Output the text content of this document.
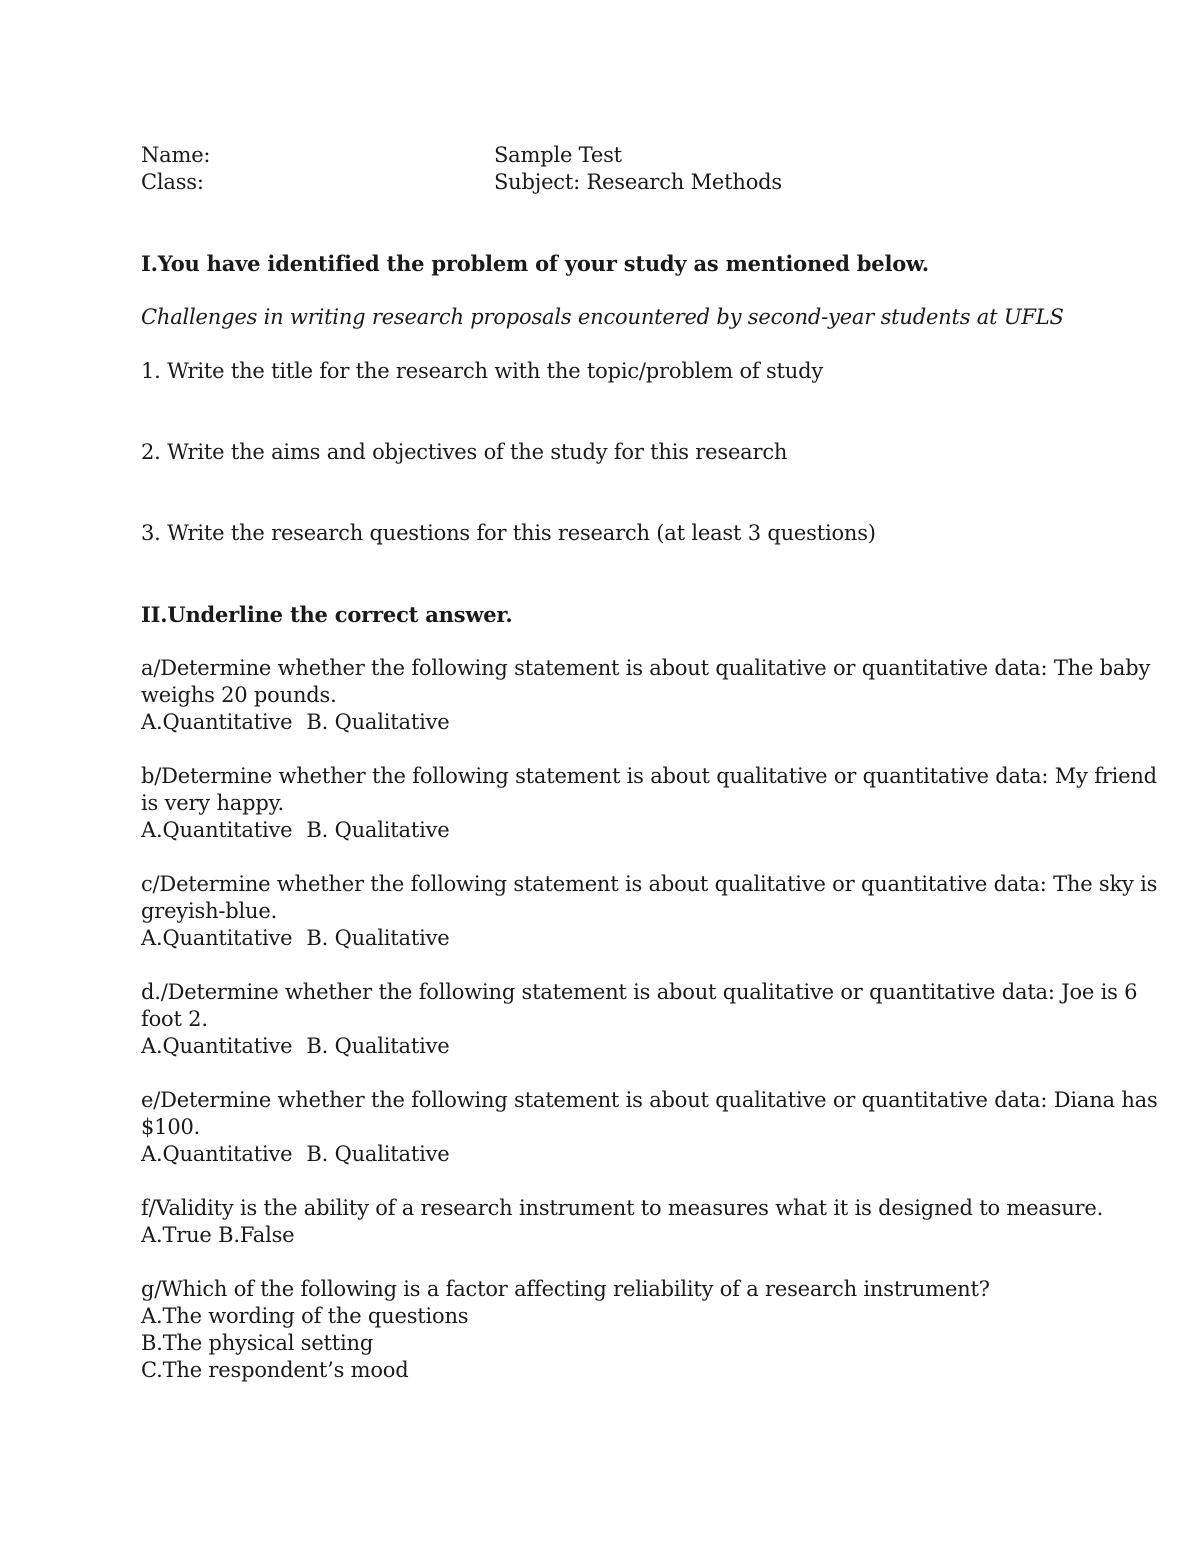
Name:	Sample Test
Class:	Subject: Research Methods
I.You have identified the problem of your study as mentioned below.
Challenges in writing research proposals encountered by second-year students at UFLS
1. Write the title for the research with the topic/problem of study
2. Write the aims and objectives of the study for this research
3. Write the research questions for this research (at least 3 questions)
II.Underline the correct answer.
a/Determine whether the following statement is about qualitative or quantitative data: The baby
weighs 20 pounds.
A.Quantitative B. Qualitative
b/Determine whether the following statement is about qualitative or quantitative data: My friend
is very happy.
A.Quantitative B. Qualitative
c/Determine whether the following statement is about qualitative or quantitative data: The sky is
greyish-blue.
A.Quantitative B. Qualitative
d./Determine whether the following statement is about qualitative or quantitative data: Joe is 6
foot 2.
A.Quantitative B. Qualitative
e/Determine whether the following statement is about qualitative or quantitative data: Diana has
$100.
A.Quantitative B. Qualitative
f/Validity is the ability of a research instrument to measures what it is designed to measure.
A.True B.False
g/Which of the following is a factor affecting reliability of a research instrument?
A.The wording of the questions
B.The physical setting
C.The respondent’s mood
